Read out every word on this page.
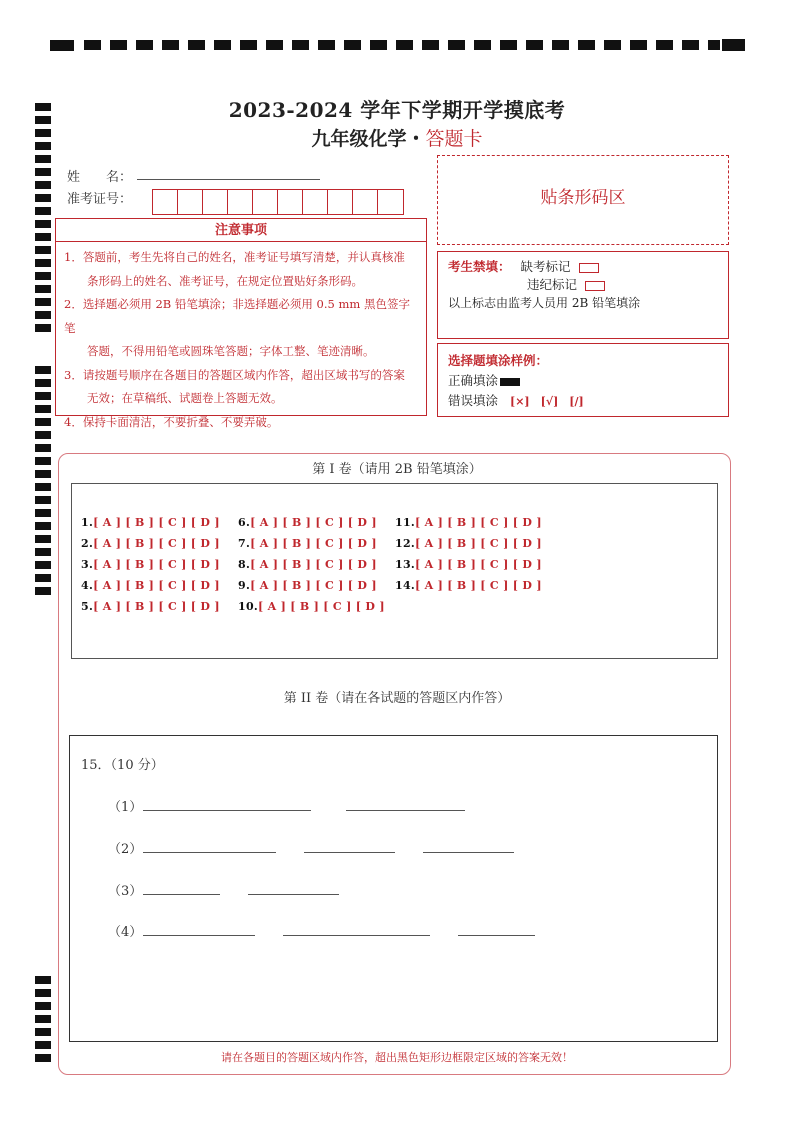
2023-2024 学年下学期开学摸底考
九年级化学・答题卡
姓　　名：
准考证号：
注意事项

1．答题前，考生先将自己的姓名，准考证号填写清楚，并认真核准

　　条形码上的姓名、准考证号，在规定位置贴好条形码。

2．选择题必须用 2B 铅笔填涂；非选择题必须用 0.5 mm 黑色签字笔

　　答题，不得用铅笔或圆珠笔答题；字体工整、笔迹清晰。

3．请按题号顺序在各题目的答题区域内作答，超出区域书写的答案

　　无效；在草稿纸、试题卷上答题无效。

4．保持卡面清洁，不要折叠、不要弄破。

贴条形码区
考生禁填： 缺考标记
违纪标记
以上标志由监考人员用 2B 铅笔填涂
选择题填涂样例：
正确填涂
错误填涂 [×]　[√]　[/]
第 I 卷（请用 2B 铅笔填涂）
1.[ A ] [ B ] [ C ] [ D ]
2.[ A ] [ B ] [ C ] [ D ]
3.[ A ] [ B ] [ C ] [ D ]
4.[ A ] [ B ] [ C ] [ D ]
5.[ A ] [ B ] [ C ] [ D ]
6.[ A ] [ B ] [ C ] [ D ]
7.[ A ] [ B ] [ C ] [ D ]
8.[ A ] [ B ] [ C ] [ D ]
9.[ A ] [ B ] [ C ] [ D ]
10.[ A ] [ B ] [ C ] [ D ]
11.[ A ] [ B ] [ C ] [ D ]
12.[ A ] [ B ] [ C ] [ D ]
13.[ A ] [ B ] [ C ] [ D ]
14.[ A ] [ B ] [ C ] [ D ]
第 II 卷（请在各试题的答题区内作答）
15．（10 分）
（1）
（2）
（3）
（4）
请在各题目的答题区域内作答，超出黑色矩形边框限定区域的答案无效！
